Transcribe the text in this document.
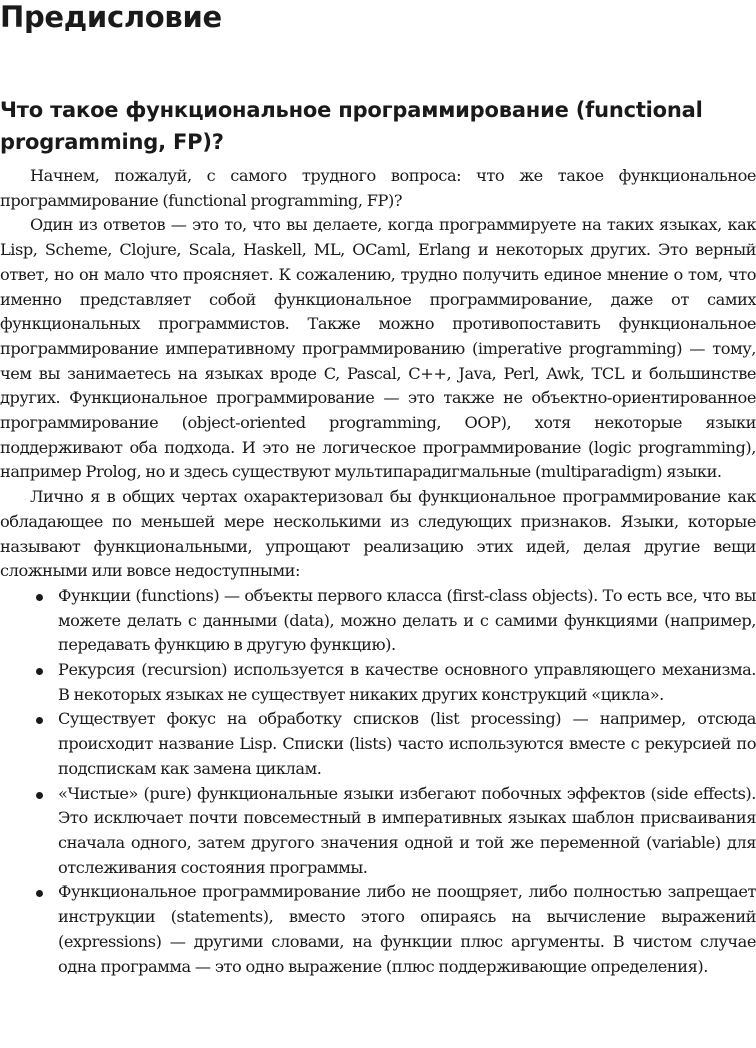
Предисловие
Что такое функциональное программирование (functional programming, FP)?

Начнем, пожалуй, с самого трудного вопроса: что же такое функциональное программирование (functional programming, FP)?

Один из ответов — это то, что вы делаете, когда программируете на таких языках, как Lisp, Scheme, Clojure, Scala, Haskell, ML, OCaml, Erlang и некоторых других. Это верный ответ, но он мало что проясняет. К сожалению, трудно получить единое мнение о том, что именно представляет собой функциональное программирование, даже от самих функциональных программистов. Также можно противопоставить функциональное программирование императивному программированию (imperative programming) — тому, чем вы занимаетесь на языках вроде C, Pascal, C++, Java, Perl, Awk, TCL и большинстве других. Функциональное программирование — это также не объектно-ориентированное программирование (object-oriented programming, OOP), хотя некоторые языки поддерживают оба подхода. И это не логическое программирование (logic programming), например Prolog, но и здесь существуют мультипарадигмальные (multiparadigm) языки.

Лично я в общих чертах охарактеризовал бы функциональное программирование как обладающее по меньшей мере несколькими из следующих признаков. Языки, которые называют функциональными, упрощают реализацию этих идей, делая другие вещи сложными или вовсе недоступными:

Функции (functions) — объекты первого класса (first-class objects). То есть все, что вы можете делать с данными (data), можно делать и с самими функциями (например, передавать функцию в другую функцию).
Рекурсия (recursion) используется в качестве основного управляющего механизма. В некоторых языках не существует никаких других конструкций «цикла».
Существует фокус на обработку списков (list processing) — например, отсюда происходит название Lisp. Списки (lists) часто используются вместе с рекурсией по подспискам как замена циклам.
«Чистые» (pure) функциональные языки избегают побочных эффектов (side effects). Это исключает почти повсеместный в императивных языках шаблон присваивания сначала одного, затем другого значения одной и той же переменной (variable) для отслеживания состояния программы.
Функциональное программирование либо не поощряет, либо полностью запрещает инструкции (statements), вместо этого опираясь на вычисление выражений (expressions) — другими словами, на функции плюс аргументы. В чистом случае одна программа — это одно выражение (плюс поддерживающие определения).
